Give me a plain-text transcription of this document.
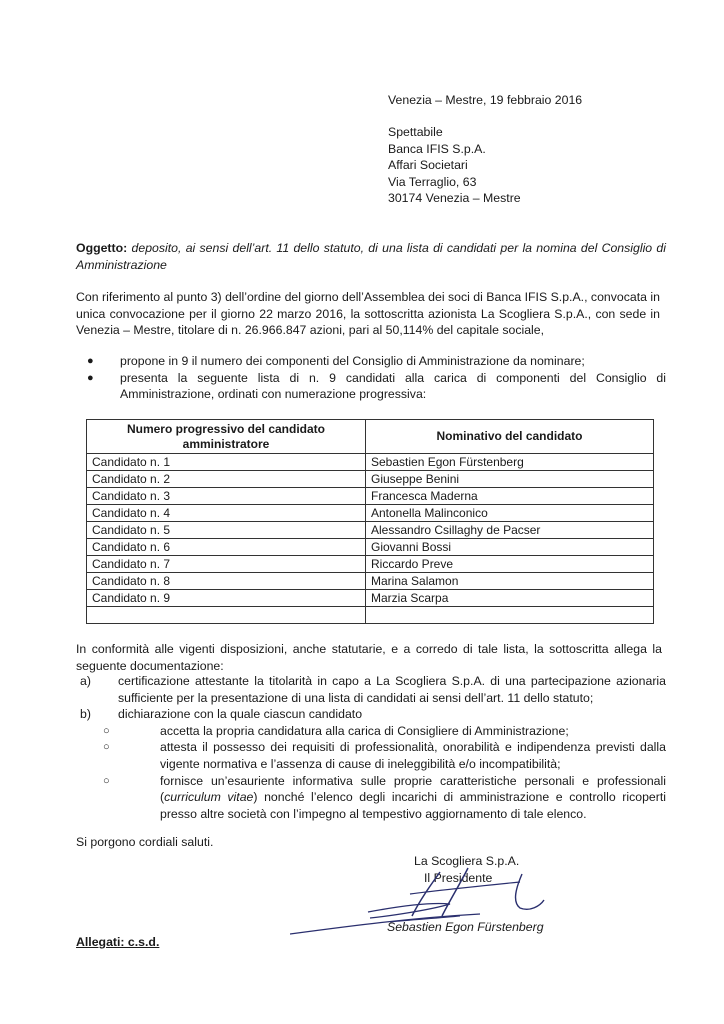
Venezia – Mestre, 19 febbraio 2016
Spettabile
Banca IFIS S.p.A.
Affari Societari
Via Terraglio, 63
30174 Venezia – Mestre
Oggetto: deposito, ai sensi dell’art. 11 dello statuto, di una lista di candidati per la nomina del Consiglio di Amministrazione
Con riferimento al punto 3) dell’ordine del giorno dell’Assemblea dei soci di Banca IFIS S.p.A., convocata in unica convocazione per il giorno 22 marzo 2016, la sottoscritta azionista La Scogliera S.p.A., con sede in Venezia – Mestre, titolare di n. 26.966.847 azioni, pari al 50,114% del capitale sociale,
● propone in 9 il numero dei componenti del Consiglio di Amministrazione da nominare;
● presenta la seguente lista di n. 9 candidati alla carica di componenti del Consiglio di Amministrazione, ordinati con numerazione progressiva:
Numero progressivo del candidato amministratore	Nominativo del candidato
Candidato n. 1	Sebastien Egon Fürstenberg
Candidato n. 2	Giuseppe Benini
Candidato n. 3	Francesca Maderna
Candidato n. 4	Antonella Malinconico
Candidato n. 5	Alessandro Csillaghy de Pacser
Candidato n. 6	Giovanni Bossi
Candidato n. 7	Riccardo Preve
Candidato n. 8	Marina Salamon
Candidato n. 9	Marzia Scarpa

In conformità alle vigenti disposizioni, anche statutarie, e a corredo di tale lista, la sottoscritta allega la seguente documentazione:
a) certificazione attestante la titolarità in capo a La Scogliera S.p.A. di una partecipazione azionaria sufficiente per la presentazione di una lista di candidati ai sensi dell’art. 11 dello statuto;
b) dichiarazione con la quale ciascun candidato
○	accetta la propria candidatura alla carica di Consigliere di Amministrazione;
○	attesta il possesso dei requisiti di professionalità, onorabilità e indipendenza previsti dalla vigente normativa e l’assenza di cause di ineleggibilità e/o incompatibilità;
○	fornisce un’esauriente informativa sulle proprie caratteristiche personali e professionali (curriculum vitae) nonché l’elenco degli incarichi di amministrazione e controllo ricoperti presso altre società con l’impegno al tempestivo aggiornamento di tale elenco.
Si porgono cordiali saluti.
La Scogliera S.p.A.
Il Presidente
Sebastien Egon Fürstenberg
Allegati: c.s.d.
